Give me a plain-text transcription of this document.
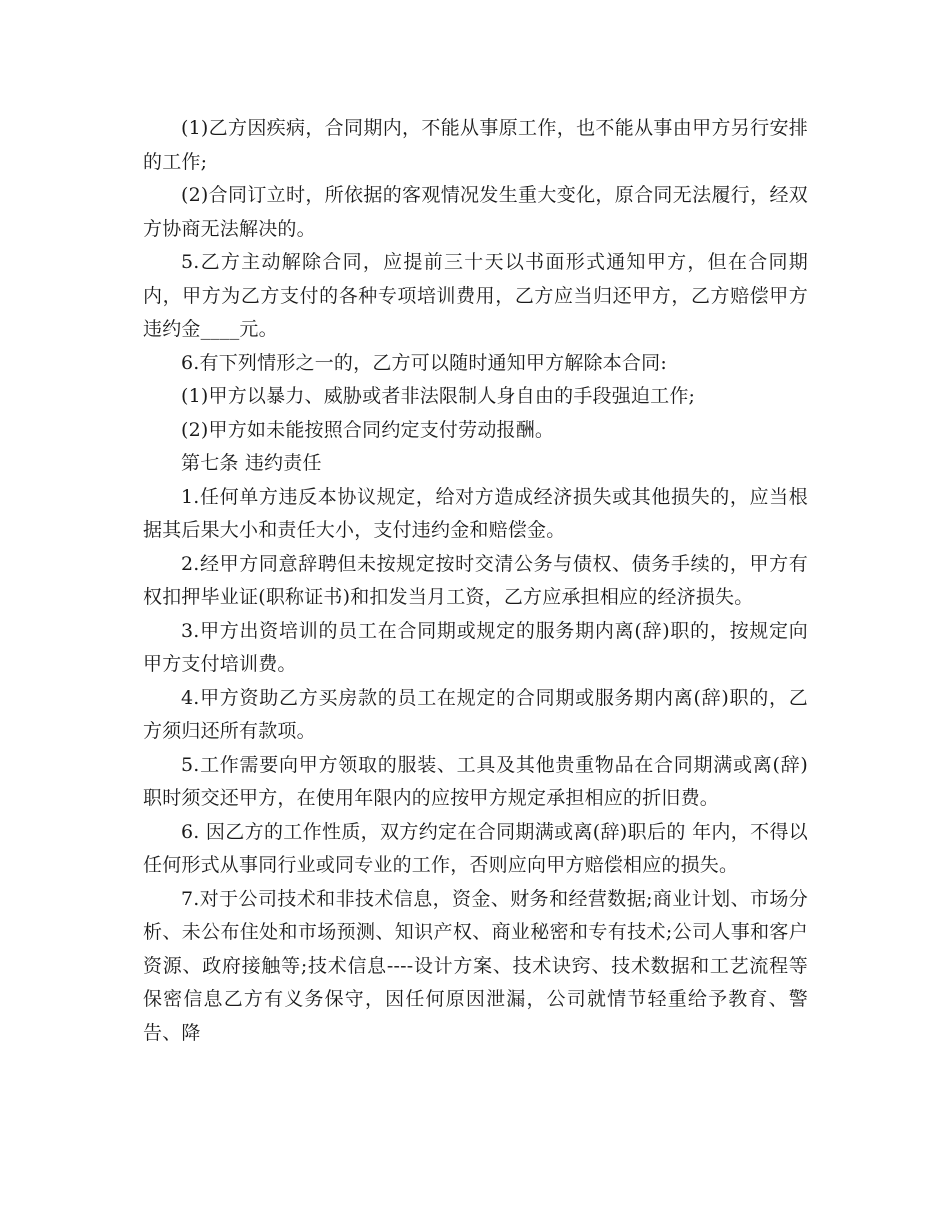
(1)乙方因疾病，合同期内，不能从事原工作，也不能从事由甲方另行安排的工作;

(2)合同订立时，所依据的客观情况发生重大变化，原合同无法履行，经双方协商无法解决的。

5.乙方主动解除合同，应提前三十天以书面形式通知甲方，但在合同期内，甲方为乙方支付的各种专项培训费用，乙方应当归还甲方，乙方赔偿甲方违约金____元。

6.有下列情形之一的，乙方可以随时通知甲方解除本合同:

(1)甲方以暴力、威胁或者非法限制人身自由的手段强迫工作;

(2)甲方如未能按照合同约定支付劳动报酬。

第七条 违约责任

1.任何单方违反本协议规定，给对方造成经济损失或其他损失的，应当根据其后果大小和责任大小，支付违约金和赔偿金。

2.经甲方同意辞聘但未按规定按时交清公务与债权、债务手续的，甲方有权扣押毕业证(职称证书)和扣发当月工资，乙方应承担相应的经济损失。

3.甲方出资培训的员工在合同期或规定的服务期内离(辞)职的，按规定向甲方支付培训费。

4.甲方资助乙方买房款的员工在规定的合同期或服务期内离(辞)职的，乙方须归还所有款项。

5.工作需要向甲方领取的服装、工具及其他贵重物品在合同期满或离(辞)职时须交还甲方，在使用年限内的应按甲方规定承担相应的折旧费。

6. 因乙方的工作性质，双方约定在合同期满或离(辞)职后的 年内，不得以任何形式从事同行业或同专业的工作，否则应向甲方赔偿相应的损失。

7.对于公司技术和非技术信息，资金、财务和经营数据;商业计划、市场分析、未公布住处和市场预测、知识产权、商业秘密和专有技术;公司人事和客户资源、政府接触等;技术信息----设计方案、技术诀窍、技术数据和工艺流程等保密信息乙方有义务保守，因任何原因泄漏，公司就情节轻重给予教育、警告、降
